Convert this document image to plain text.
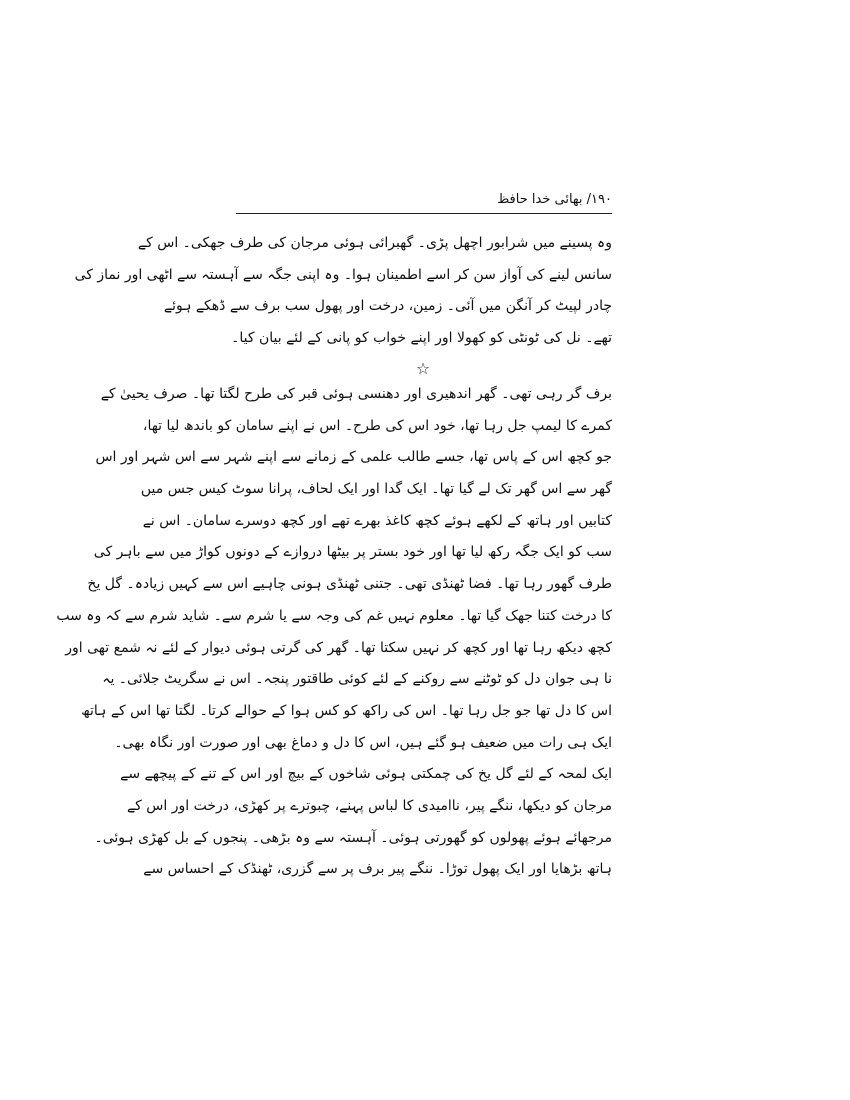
۱۹۰/ بھائی خدا حافظ
وہ پسینے میں شرابور اچھل پڑی۔ گھبرائی ہوئی مرجان کی طرف جھکی۔ اس کے
سانس لینے کی آواز سن کر اسے اطمینان ہوا۔ وہ اپنی جگہ سے آہستہ سے اٹھی اور نماز کی
چادر لپیٹ کر آنگن میں آئی۔ زمین، درخت اور پھول سب برف سے ڈھکے ہوئے
تھے۔ نل کی ٹونٹی کو کھولا اور اپنے خواب کو پانی کے لئے بیان کیا۔
☆
برف گر رہی تھی۔ گھر اندھیری اور دھنسی ہوئی قبر کی طرح لگتا تھا۔ صرف یحییٰ کے
کمرے کا لیمپ جل رہا تھا، خود اس کی طرح۔ اس نے اپنے سامان کو باندھ لیا تھا،
جو کچھ اس کے پاس تھا، جسے طالب علمی کے زمانے سے اپنے شہر سے اس شہر اور اس
گھر سے اس گھر تک لے گیا تھا۔ ایک گدا اور ایک لحاف، پرانا سوٹ کیس جس میں
کتابیں اور ہاتھ کے لکھے ہوئے کچھ کاغذ بھرے تھے اور کچھ دوسرے سامان۔ اس نے
سب کو ایک جگہ رکھ لیا تھا اور خود بستر پر بیٹھا دروازے کے دونوں کواڑ میں سے باہر کی
طرف گھور رہا تھا۔ فضا ٹھنڈی تھی۔ جتنی ٹھنڈی ہونی چاہیے اس سے کہیں زیادہ۔ گل یخ
کا درخت کتنا جھک گیا تھا۔ معلوم نہیں غم کی وجہ سے یا شرم سے۔ شاید شرم سے کہ وہ سب
کچھ دیکھ رہا تھا اور کچھ کر نہیں سکتا تھا۔ گھر کی گرتی ہوئی دیوار کے لئے نہ شمع تھی اور
نا ہی جوان دل کو ٹوٹنے سے روکنے کے لئے کوئی طاقتور پنجہ۔ اس نے سگریٹ جلائی۔ یہ
اس کا دل تھا جو جل رہا تھا۔ اس کی راکھ کو کس ہوا کے حوالے کرتا۔ لگتا تھا اس کے ہاتھ
ایک ہی رات میں ضعیف ہو گئے ہیں، اس کا دل و دماغ بھی اور صورت اور نگاہ بھی۔
ایک لمحہ کے لئے گل یخ کی چمکتی ہوئی شاخوں کے بیچ اور اس کے تنے کے پیچھے سے
مرجان کو دیکھا، ننگے پیر، ناامیدی کا لباس پہنے، چبوترے پر کھڑی، درخت اور اس کے
مرجھائے ہوئے پھولوں کو گھورتی ہوئی۔ آہستہ سے وہ بڑھی۔ پنجوں کے بل کھڑی ہوئی۔
ہاتھ بڑھایا اور ایک پھول توڑا۔ ننگے پیر برف پر سے گزری، ٹھنڈک کے احساس سے
